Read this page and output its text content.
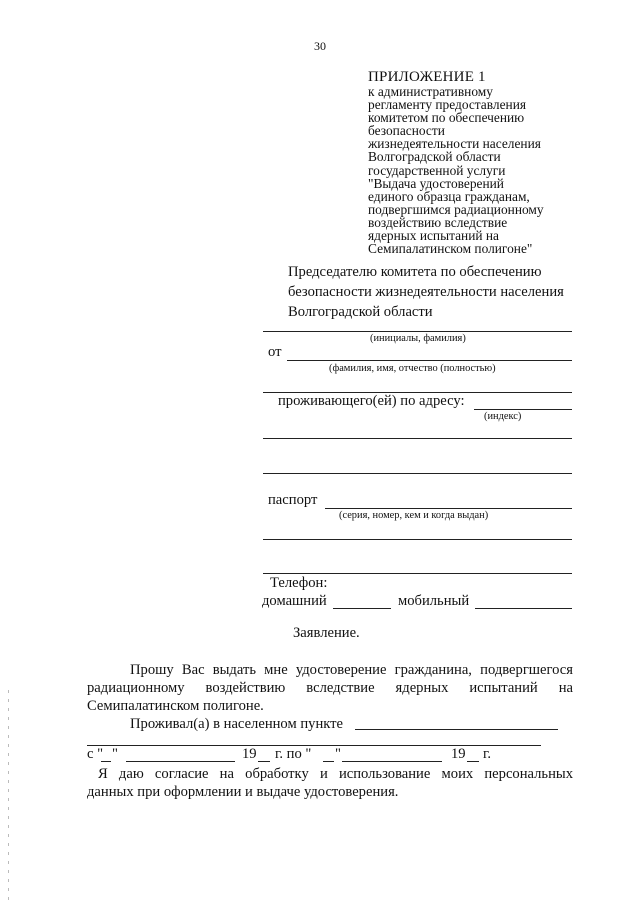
30
ПРИЛОЖЕНИЕ 1
к административному
регламенту предоставления
комитетом по обеспечению
безопасности
жизнедеятельности населения
Волгоградской области
государственной услуги
"Выдача удостоверений
единого образца гражданам,
подвергшимся радиационному
воздействию вследствие
ядерных испытаний на
Семипалатинском полигоне"
Председателю комитета по обеспечению
безопасности жизнедеятельности населения
Волгоградской области
(инициалы, фамилия)
от
(фамилия, имя, отчество (полностью)
проживающего(ей) по адресу:
(индекс)
паспорт
(серия, номер, кем и когда выдан)
Телефон:
домашний	мобильный
Заявление.
Прошу Вас выдать мне удостоверение гражданина, подвергшегося
радиационному воздействию вследствие ядерных испытаний на
Семипалатинском полигоне.
Проживал(а) в населенном пункте
с " "	19 г. по " "	19 г.
Я даю согласие на обработку и использование моих персональных
данных при оформлении и выдаче удостоверения.
